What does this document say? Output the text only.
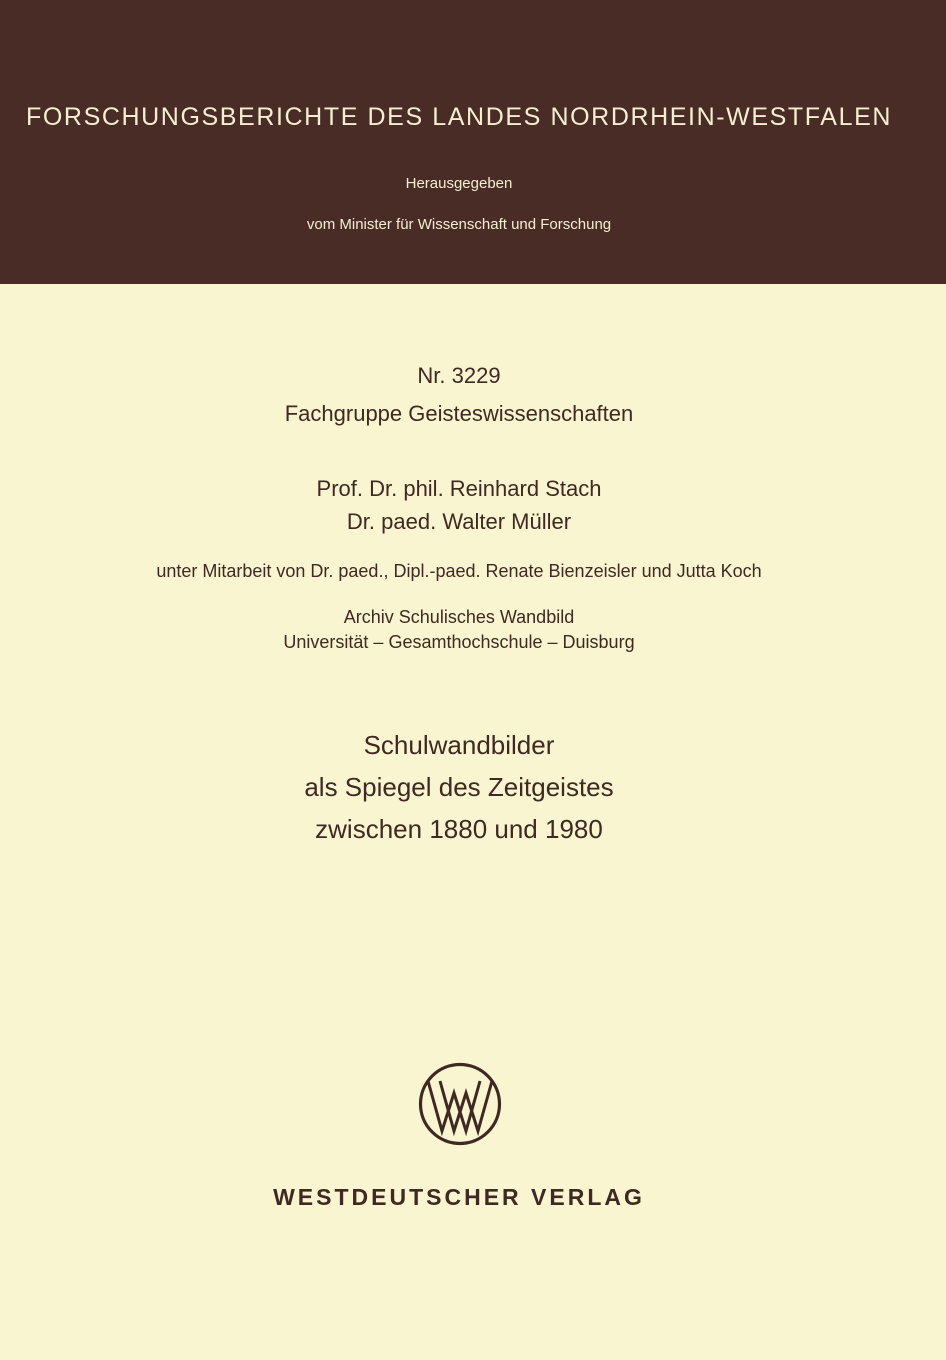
FORSCHUNGSBERICHTE DES LANDES NORDRHEIN-WESTFALEN
Herausgegeben
vom Minister für Wissenschaft und Forschung
Nr. 3229
Fachgruppe Geisteswissenschaften
Prof. Dr. phil. Reinhard Stach
Dr. paed. Walter Müller
unter Mitarbeit von Dr. paed., Dipl.-paed. Renate Bienzeisler und Jutta Koch
Archiv Schulisches Wandbild
Universität – Gesamthochschule – Duisburg
Schulwandbilder
als Spiegel des Zeitgeistes
zwischen 1880 und 1980
WESTDEUTSCHER VERLAG
